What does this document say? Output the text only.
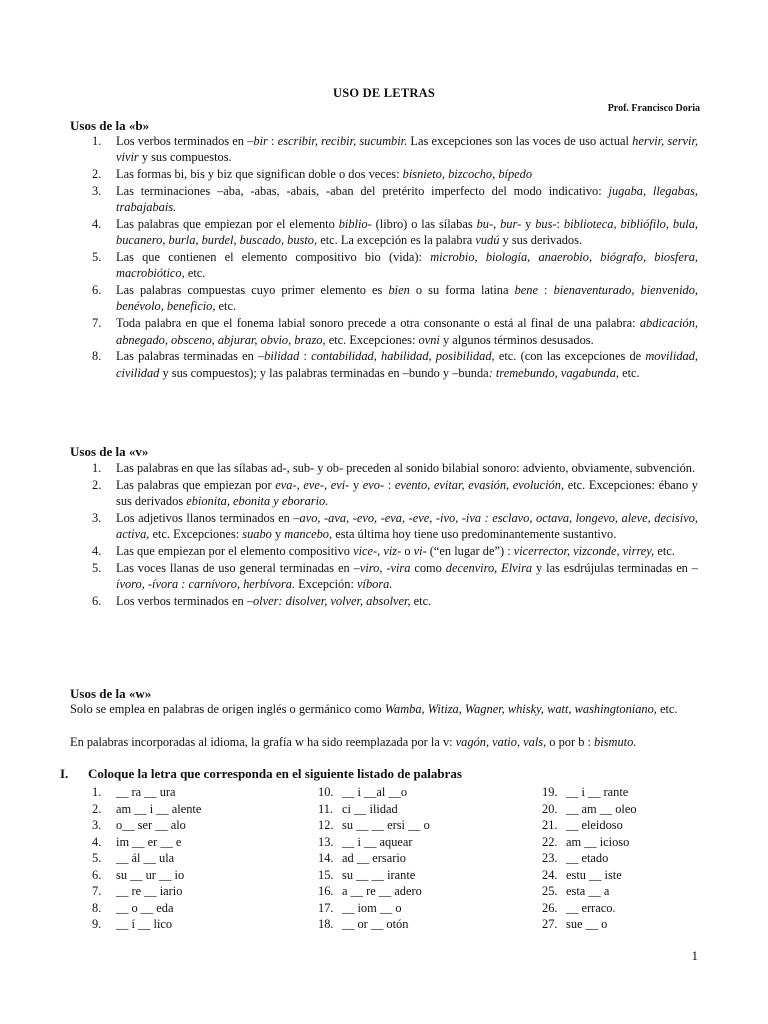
USO DE LETRAS
Prof. Francisco Doria
Usos de la «b»
1. Los verbos terminados en –bir : escribir, recibir, sucumbir. Las excepciones son las voces de uso actual hervir, servir, vivir y sus compuestos.
2. Las formas bi, bis y biz que significan doble o dos veces: bisnieto, bizcocho, bípedo
3. Las terminaciones –aba, -abas, -abais, -aban del pretérito imperfecto del modo indicativo: jugaba, llegabas, trabajabais.
4. Las palabras que empiezan por el elemento biblio- (libro) o las sílabas bu-, bur- y bus-: biblioteca, bibliófilo, bula, bucanero, burla, burdel, buscado, busto, etc. La excepción es la palabra vudú y sus derivados.
5. Las que contienen el elemento compositivo bio (vida): microbio, biología, anaerobio, biógrafo, biosfera, macrobiótico, etc.
6. Las palabras compuestas cuyo primer elemento es bien o su forma latina bene : bienaventurado, bienvenido, benévolo, beneficio, etc.
7. Toda palabra en que el fonema labial sonoro precede a otra consonante o está al final de una palabra: abdicación, abnegado, obsceno, abjurar, obvio, brazo, etc. Excepciones: ovni y algunos términos desusados.
8. Las palabras terminadas en –bilidad : contabilidad, habilidad, posibilidad, etc. (con las excepciones de movilidad, civilidad y sus compuestos); y las palabras terminadas en –bundo y –bunda: tremebundo, vagabunda, etc.
Usos de la «v»
1. Las palabras en que las sílabas ad-, sub- y ob- preceden al sonido bilabial sonoro: adviento, obviamente, subvención.
2. Las palabras que empiezan por eva-, eve-, evi- y evo- : evento, evitar, evasión, evolución, etc. Excepciones: ébano y sus derivados ebionita, ebonita y eborario.
3. Los adjetivos llanos terminados en –avo, -ava, -evo, -eva, -eve, -ivo, -iva : esclavo, octava, longevo, aleve, decisivo, activa, etc. Excepciones: suabo y mancebo, esta última hoy tiene uso predominantemente sustantivo.
4. Las que empiezan por el elemento compositivo vice-, viz- o vi- (“en lugar de”) : vicerrector, vizconde, virrey, etc.
5. Las voces llanas de uso general terminadas en –viro, -vira como decenviro, Elvira y las esdrújulas terminadas en –ívoro, -ívora : carnívoro, herbívora. Excepción: víbora.
6. Los verbos terminados en –olver: disolver, volver, absolver, etc.
Usos de la «w»
Solo se emplea en palabras de origen inglés o germánico como Wamba, Witiza, Wagner, whisky, watt, washingtoniano, etc.
En palabras incorporadas al idioma, la grafía w ha sido reemplazada por la v: vagón, vatio, vals, o por b : bismuto.
I. Coloque la letra que corresponda en el siguiente listado de palabras
1. __ ra __ ura
2. am __ i __ alente
3. o__ ser __ alo
4. im __ er __ e
5. __ ál __ ula
6. su __ ur __ io
7. __ re __ iario
8. __ o __ eda
9. __ í __ lico
10. __ i __al __o
11. ci __ ilidad
12. su __ __ ersi __ o
13. __ i __ aquear
14. ad __ ersario
15. su __ __ irante
16. a __ re __ adero
17. __ iom __ o
18. __ or __ otón
19. __ i __ rante
20. __ am __ oleo
21. __ eleidoso
22. am __ icioso
23. __ etado
24. estu __ iste
25. esta __ a
26. __ erraco.
27. sue __ o
1
